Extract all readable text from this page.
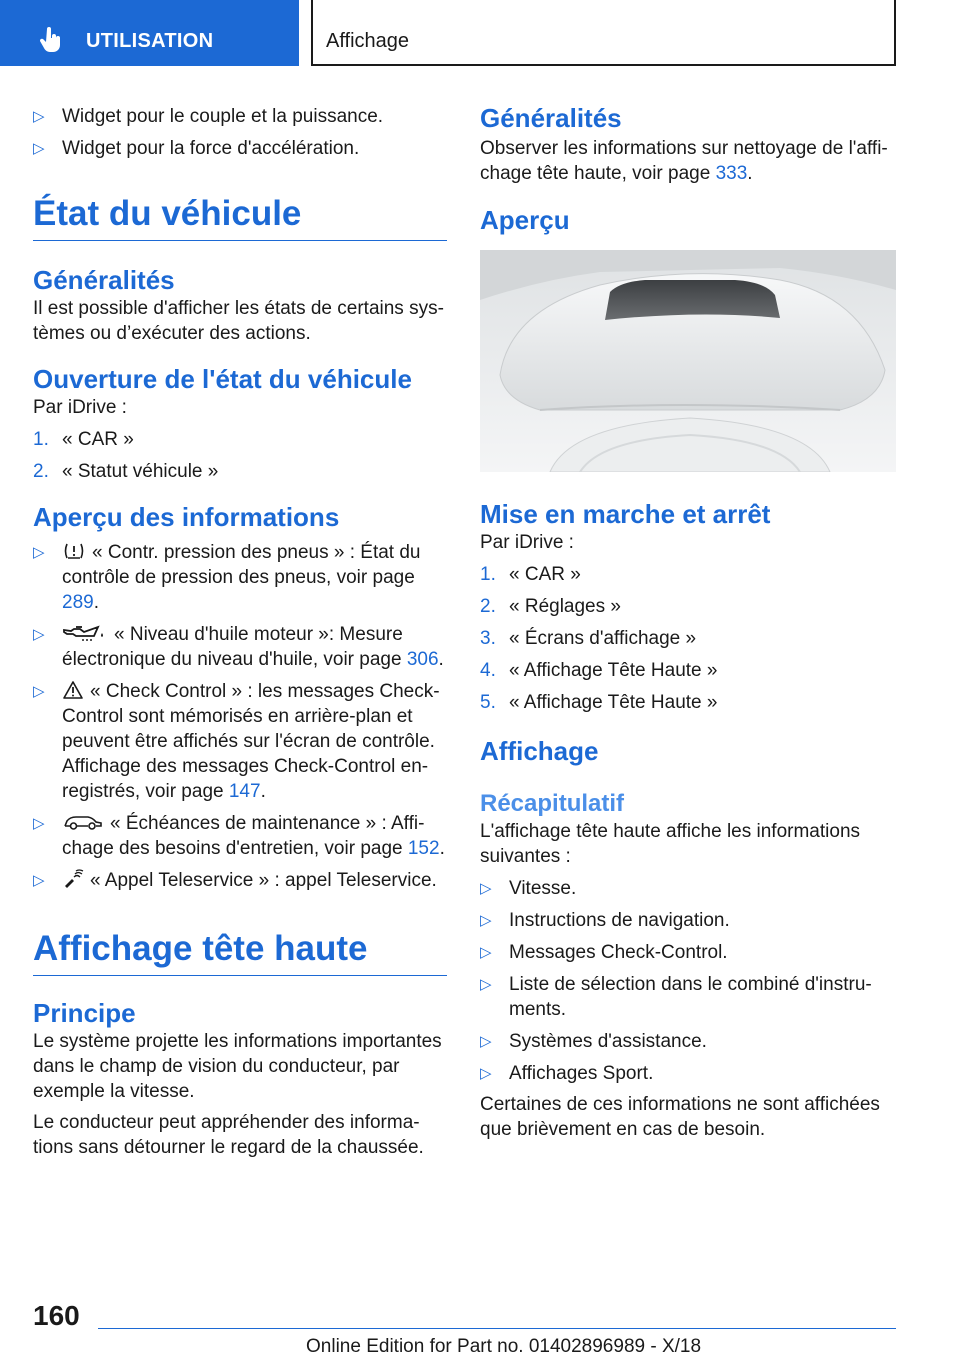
UTILISATION	Affichage
▷ Widget pour le couple et la puissance.
▷ Widget pour la force d'accélération.
État du véhicule
Généralités

Il est possible d'afficher les états de certains systèmes ou d’exécuter des actions.

Ouverture de l'état du véhicule

Par iDrive :

1. « CAR »
2. « Statut véhicule »
Aperçu des informations
▷ « Contr. pression des pneus » : État du contrôle de pression des pneus, voir page 289.
▷ « Niveau d'huile moteur »: Mesure électronique du niveau d'huile, voir page 306.
▷ « Check Control » : les messages Check-Control sont mémorisés en arrière-plan et peuvent être affichés sur l'écran de contrôle. Affichage des messages Check-Control enregistrés, voir page 147.
▷ « Échéances de maintenance » : Affichage des besoins d'entretien, voir page 152.
▷ « Appel Teleservice » : appel Teleservice.
Affichage tête haute
Principe

Le système projette les informations importantes dans le champ de vision du conducteur, par exemple la vitesse.

Le conducteur peut appréhender des informations sans détourner le regard de la chaussée.

Généralités

Observer les informations sur nettoyage de l'affichage tête haute, voir page 333.

Aperçu
Mise en marche et arrêt

Par iDrive :

1. « CAR »
2. « Réglages »
3. « Écrans d'affichage »
4. « Affichage Tête Haute »
5. « Affichage Tête Haute »
Affichage
Récapitulatif

L'affichage tête haute affiche les informations suivantes :

▷ Vitesse.
▷ Instructions de navigation.
▷ Messages Check-Control.
▷ Liste de sélection dans le combiné d'instruments.
▷ Systèmes d'assistance.
▷ Affichages Sport.

Certaines de ces informations ne sont affichées que brièvement en cas de besoin.

160
Online Edition for Part no. 01402896989 - X/18
